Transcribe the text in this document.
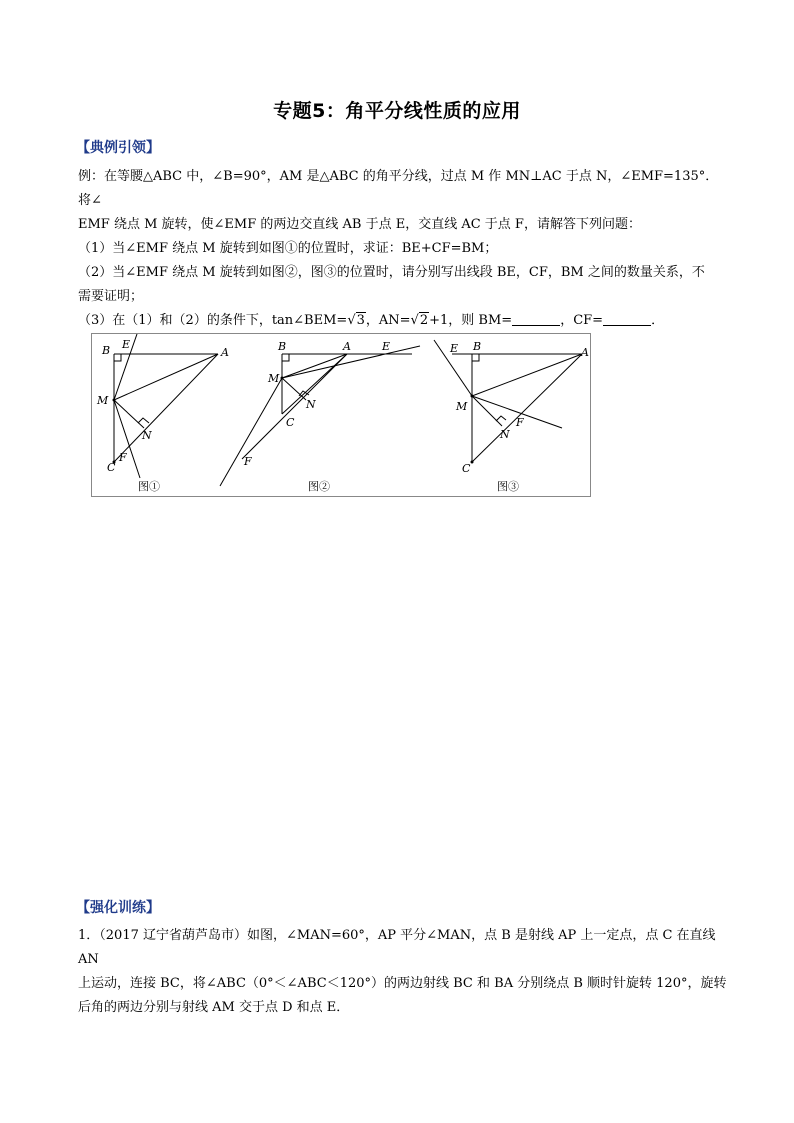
专题5：角平分线性质的应用
【典例引领】
例：在等腰△ABC 中，∠B=90°，AM 是△ABC 的角平分线，过点 M 作 MN⊥AC 于点 N，∠EMF=135°．将∠
EMF 绕点 M 旋转，使∠EMF 的两边交直线 AB 于点 E，交直线 AC 于点 F，请解答下列问题：
（1）当∠EMF 绕点 M 旋转到如图①的位置时，求证：BE+CF=BM；
（2）当∠EMF 绕点 M 旋转到如图②，图③的位置时，请分别写出线段 BE，CF，BM 之间的数量关系，不
需要证明；
（3）在（1）和（2）的条件下，tan∠BEM=√3，AN=√2+1，则 BM=	，CF=	．
B E
A
M
N
C
F
图①
B	A	E
M
N
C
F
图②
E B	A
M
F
N
C
图③
【强化训练】
1．（2017 辽宁省葫芦岛市）如图，∠MAN=60°，AP 平分∠MAN，点 B 是射线 AP 上一定点，点 C 在直线 AN
上运动，连接 BC，将∠ABC（0°＜∠ABC＜120°）的两边射线 BC 和 BA 分别绕点 B 顺时针旋转 120°，旋转
后角的两边分别与射线 AM 交于点 D 和点 E．
